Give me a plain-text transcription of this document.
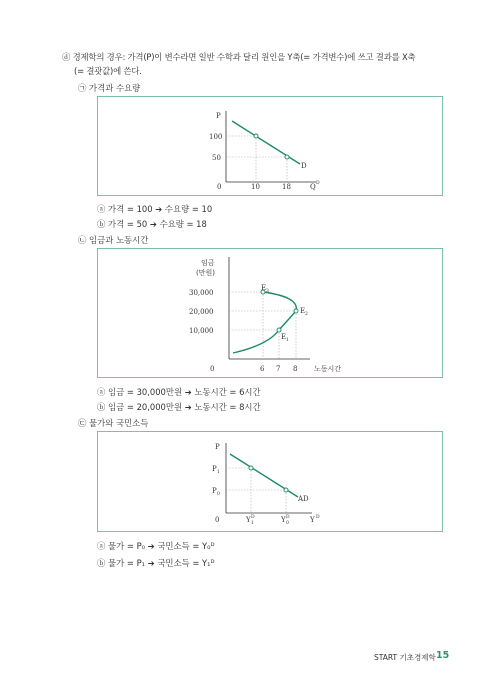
ⓓ 경제학의 경우: 가격(P)이 변수라면 일반 수학과 달리 원인을 Y축(= 가격변수)에 쓰고 결과를 X축
(= 결괏값)에 쓴다.
㉠ 가격과 수요량
P
100
50
0	10	18	Q D
D
ⓐ 가격 = 100 ➔ 수요량 = 10
ⓑ 가격 = 50 ➔ 수요량 = 18
㉡ 임금과 노동시간
임금
(만원)
30,000
20,000
10,000
0	6 7 8 노동시간
E 3
E 2
E 1
ⓐ 임금 = 30,000만원 ➔ 노동시간 = 6시간
ⓑ 임금 = 20,000만원 ➔ 노동시간 = 8시간
㉢ 물가와 국민소득
P
P 1
P 0
0	Y D
1	Y D
0	Y D
AD
ⓐ 물가 = P₀ ➔ 국민소득 = Y₀ᴰ
ⓑ 물가 = P₁ ➔ 국민소득 = Y₁ᴰ
START 기초경제학 15
